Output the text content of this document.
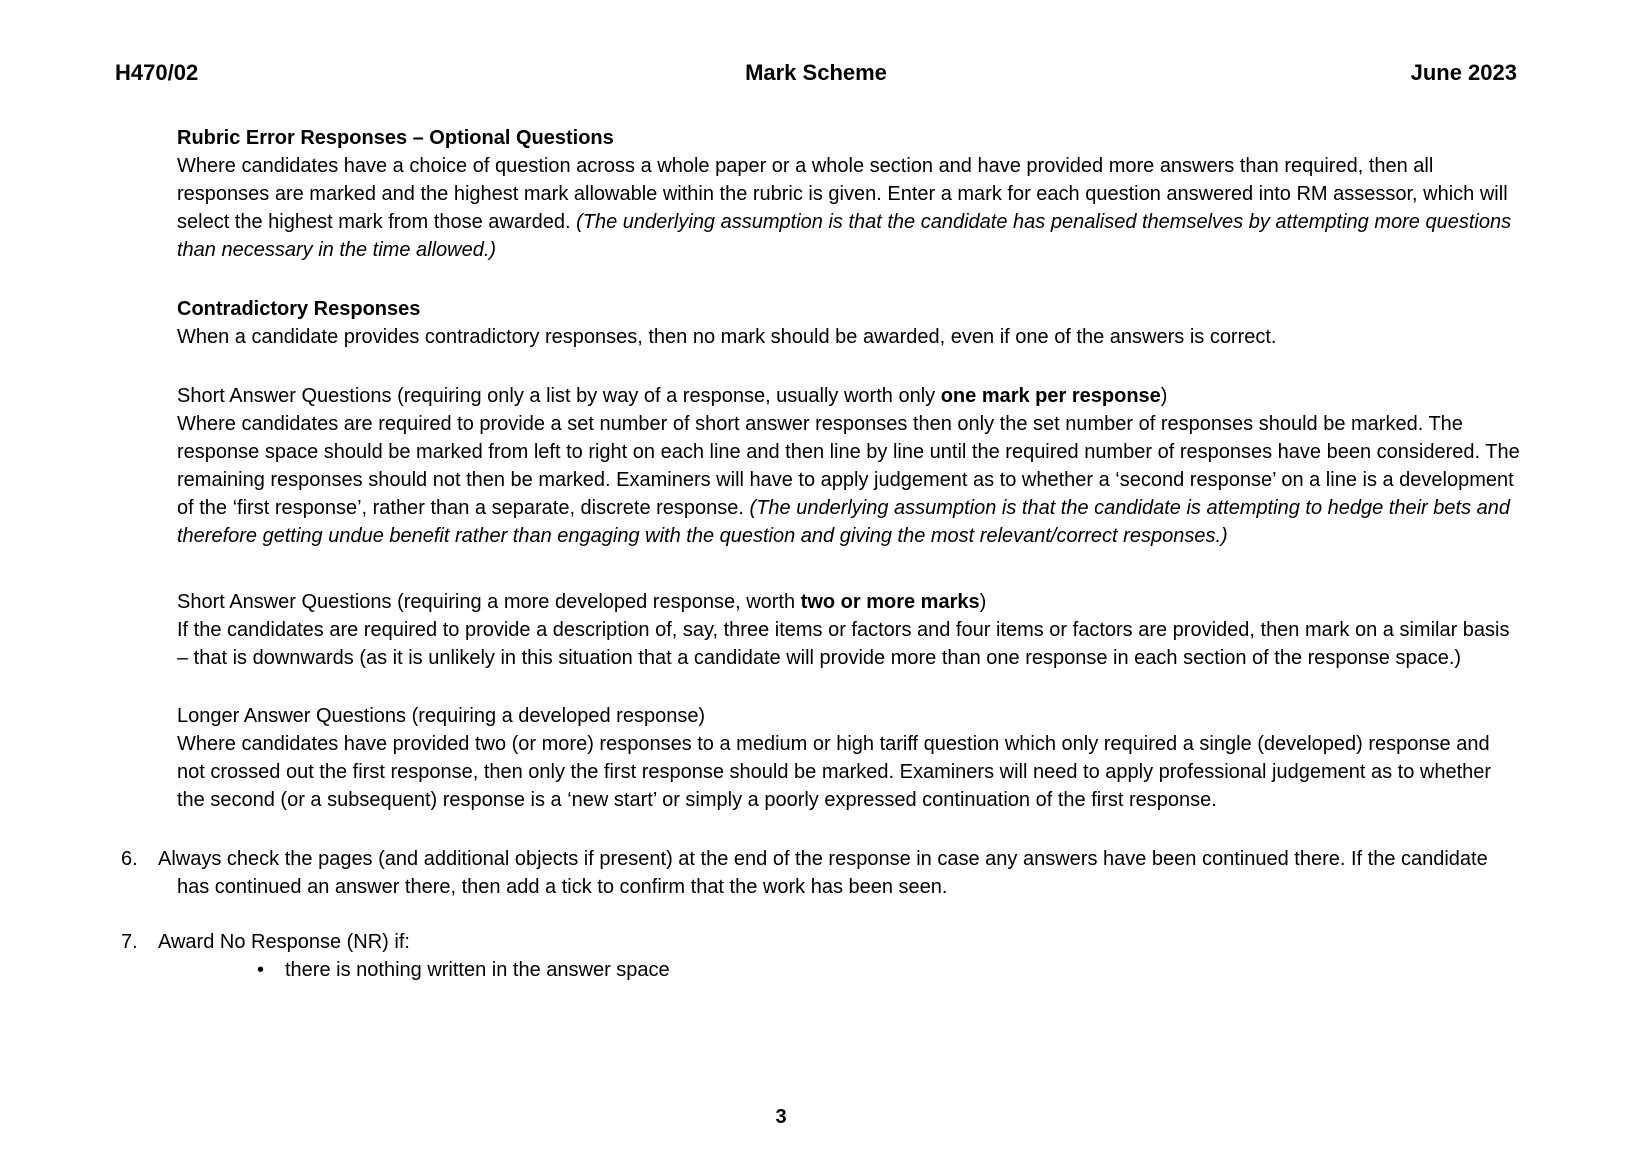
H470/02	Mark Scheme	June 2023

Rubric Error Responses – Optional Questions

Where candidates have a choice of question across a whole paper or a whole section and have provided more answers than required, then all responses are marked and the highest mark allowable within the rubric is given. Enter a mark for each question answered into RM assessor, which will select the highest mark from those awarded. (The underlying assumption is that the candidate has penalised themselves by attempting more questions than necessary in the time allowed.)

Contradictory Responses

When a candidate provides contradictory responses, then no mark should be awarded, even if one of the answers is correct.

Short Answer Questions (requiring only a list by way of a response, usually worth only one mark per response)

Where candidates are required to provide a set number of short answer responses then only the set number of responses should be marked. The response space should be marked from left to right on each line and then line by line until the required number of responses have been considered. The remaining responses should not then be marked. Examiners will have to apply judgement as to whether a ‘second response’ on a line is a development of the ‘first response’, rather than a separate, discrete response. (The underlying assumption is that the candidate is attempting to hedge their bets and therefore getting undue benefit rather than engaging with the question and giving the most relevant/correct responses.)

Short Answer Questions (requiring a more developed response, worth two or more marks)

If the candidates are required to provide a description of, say, three items or factors and four items or factors are provided, then mark on a similar basis – that is downwards (as it is unlikely in this situation that a candidate will provide more than one response in each section of the response space.)

Longer Answer Questions (requiring a developed response)

Where candidates have provided two (or more) responses to a medium or high tariff question which only required a single (developed) response and not crossed out the first response, then only the first response should be marked. Examiners will need to apply professional judgement as to whether the second (or a subsequent) response is a ‘new start’ or simply a poorly expressed continuation of the first response.

6. Always check the pages (and additional objects if present) at the end of the response in case any answers have been continued there. If the candidate has continued an answer there, then add a tick to confirm that the work has been seen.
7. Award No Response (NR) if:
• there is nothing written in the answer space
3
